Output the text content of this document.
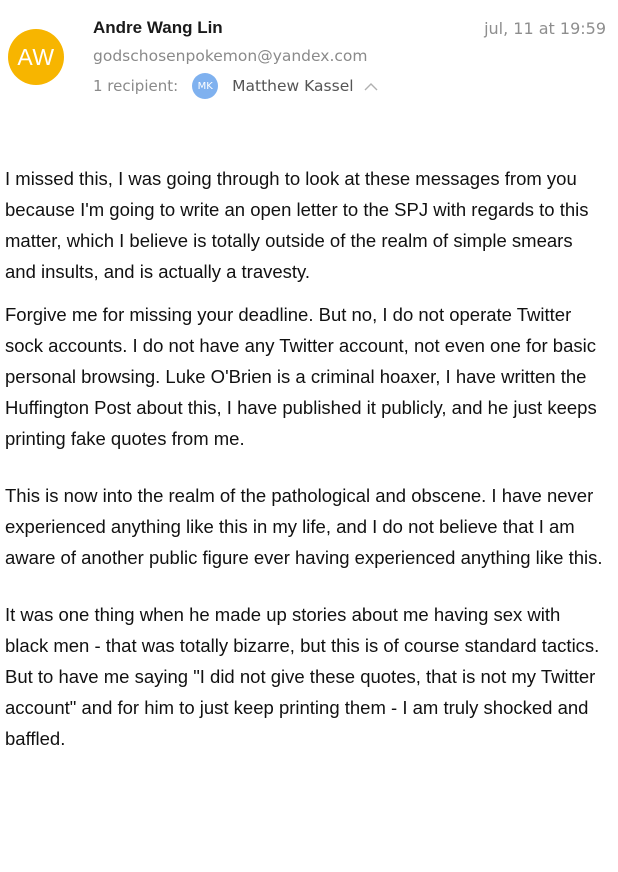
AW
Andre Wang Lin
godschosenpokemon@yandex.com
jul, 11 at 19:59
1 recipient:	MK	Matthew Kassel

I missed this, I was going through to look at these messages from you because I'm going to write an open letter to the SPJ with regards to this matter, which I believe is totally outside of the realm of simple smears and insults, and is actually a travesty.

Forgive me for missing your deadline. But no, I do not operate Twitter sock accounts. I do not have any Twitter account, not even one for basic personal browsing. Luke O'Brien is a criminal hoaxer, I have written the Huffington Post about this, I have published it publicly, and he just keeps printing fake quotes from me.

This is now into the realm of the pathological and obscene. I have never experienced anything like this in my life, and I do not believe that I am aware of another public figure ever having experienced anything like this.

It was one thing when he made up stories about me having sex with black men - that was totally bizarre, but this is of course standard tactics. But to have me saying "I did not give these quotes, that is not my Twitter account" and for him to just keep printing them - I am truly shocked and baffled.
